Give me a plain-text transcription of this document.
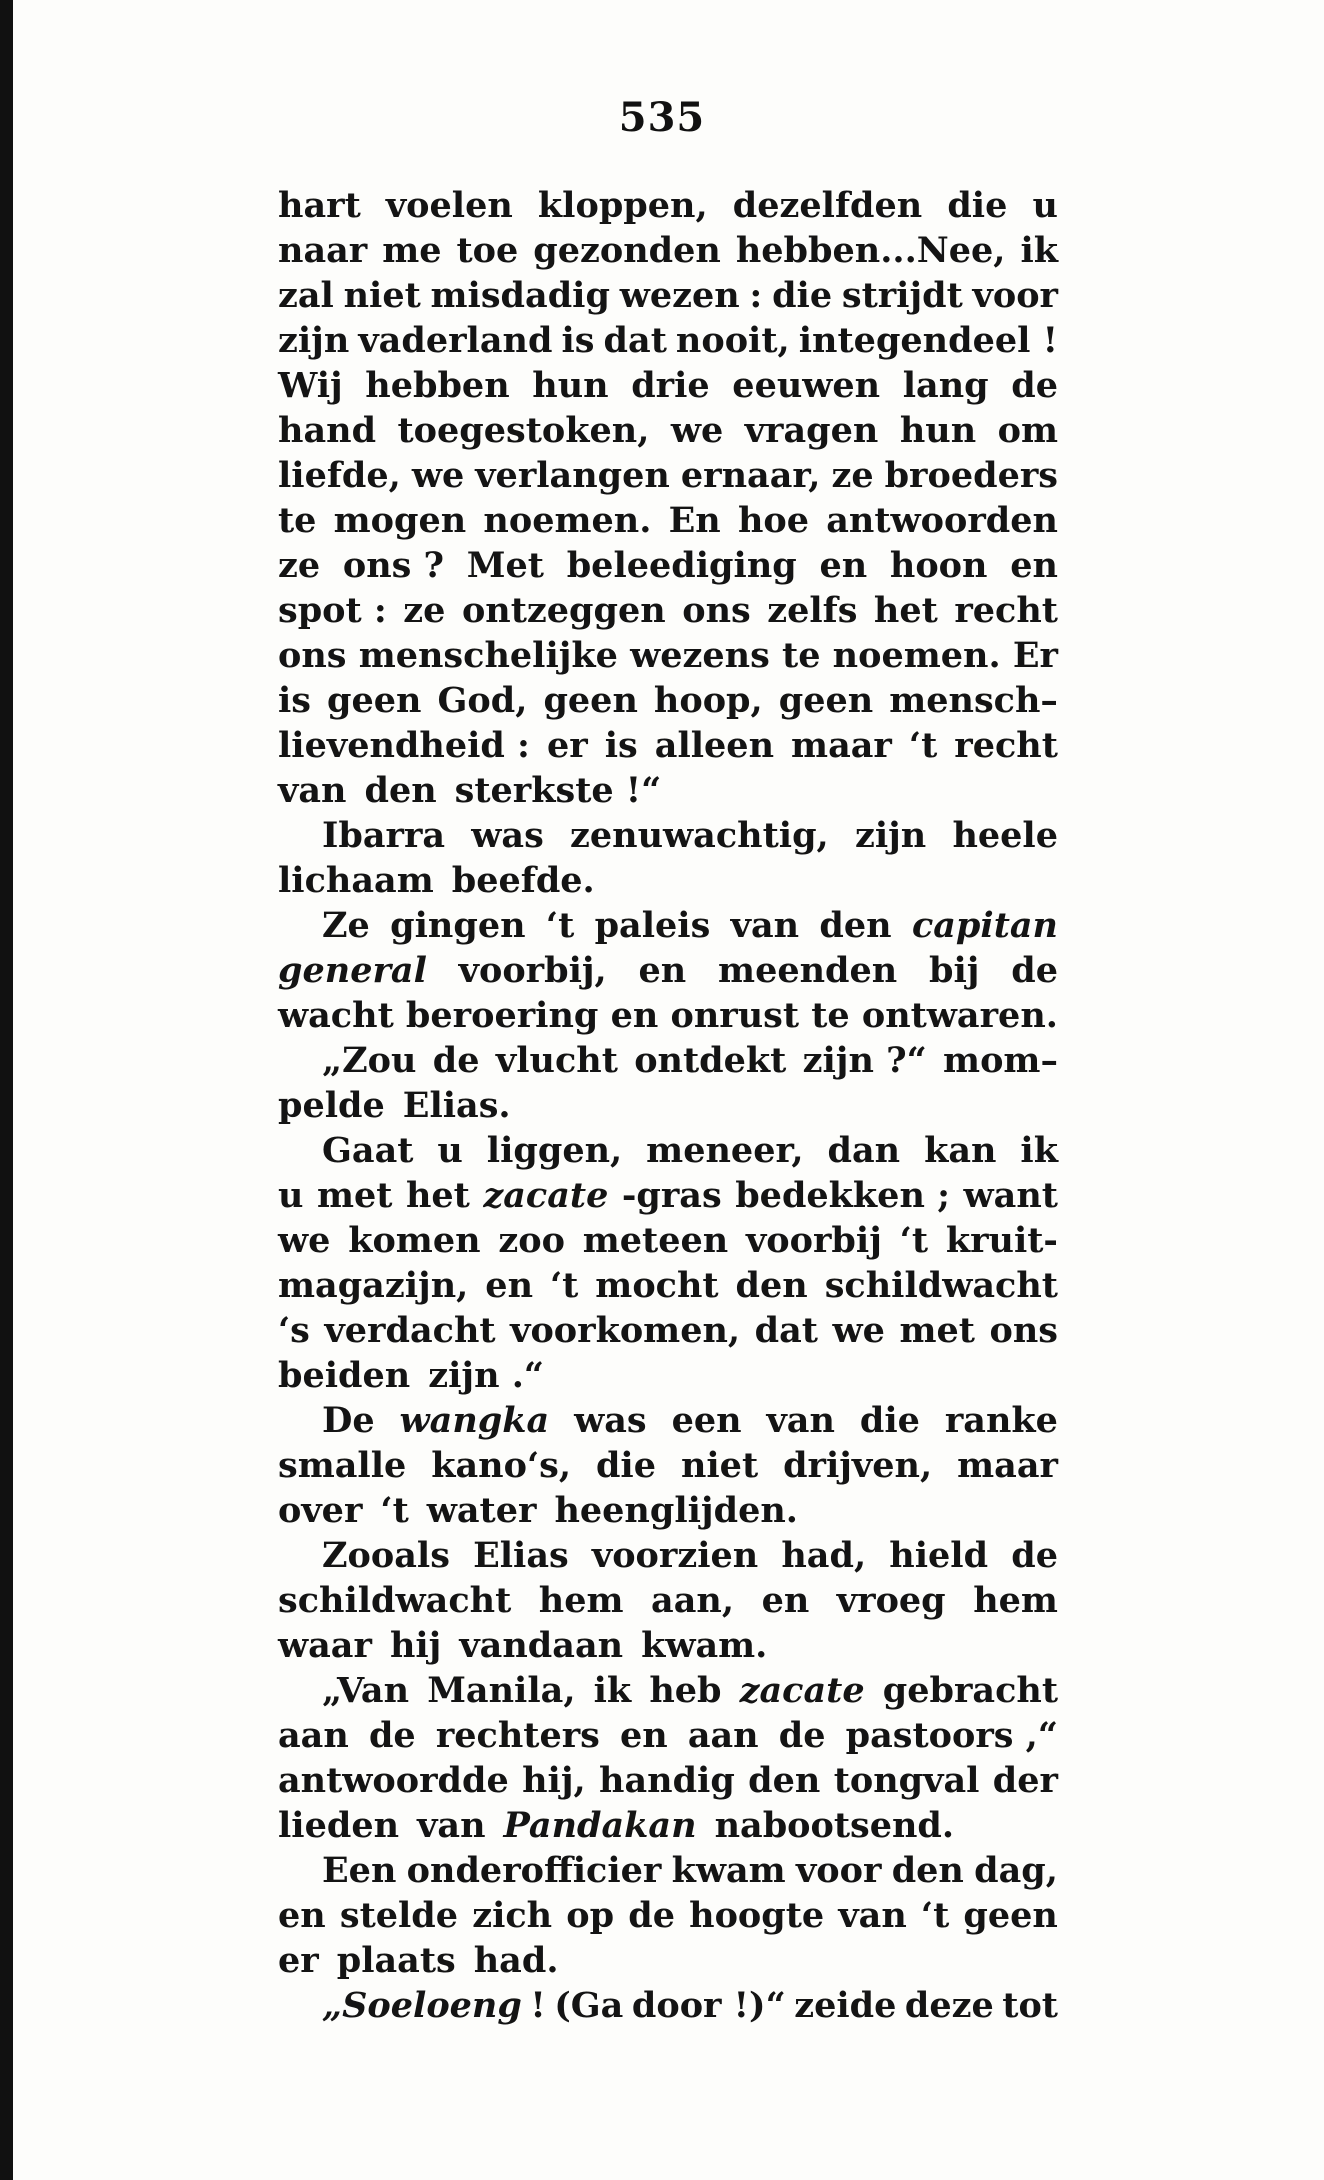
535
hart voelen kloppen, dezelfden die u
naar me toe gezonden hebben...Nee, ik
zal niet misdadig wezen : die strijdt voor
zijn vaderland is dat nooit, integendeel !
Wij hebben hun drie eeuwen lang de
hand toegestoken, we vragen hun om
liefde, we verlangen ernaar, ze broeders
te mogen noemen. En hoe antwoorden
ze ons ? Met beleediging en hoon en
spot : ze ontzeggen ons zelfs het recht
ons menschelijke wezens te noemen. Er
is geen God, geen hoop, geen mensch–
lievendheid : er is alleen maar ‘t recht
van den sterkste !“
Ibarra was zenuwachtig, zijn heele
lichaam beefde.
Ze gingen ‘t paleis van den capitan
general voorbij, en meenden bij de
wacht beroering en onrust te ontwaren.
„Zou de vlucht ontdekt zijn ?“ mom–
pelde Elias.
Gaat u liggen, meneer, dan kan ik
u met het zacate -gras bedekken ; want
we komen zoo meteen voorbij ‘t kruit-
magazijn, en ‘t mocht den schildwacht
‘s verdacht voorkomen, dat we met ons
beiden zijn .“
De wangka was een van die ranke
smalle kano‘s, die niet drijven, maar
over ‘t water heenglijden.
Zooals Elias voorzien had, hield de
schildwacht hem aan, en vroeg hem
waar hij vandaan kwam.
„Van Manila, ik heb zacate gebracht
aan de rechters en aan de pastoors ,“
antwoordde hij, handig den tongval der
lieden van Pandakan nabootsend.
Een onderofficier kwam voor den dag,
en stelde zich op de hoogte van ‘t geen
er plaats had.
„Soeloeng ! (Ga door !)“ zeide deze tot
